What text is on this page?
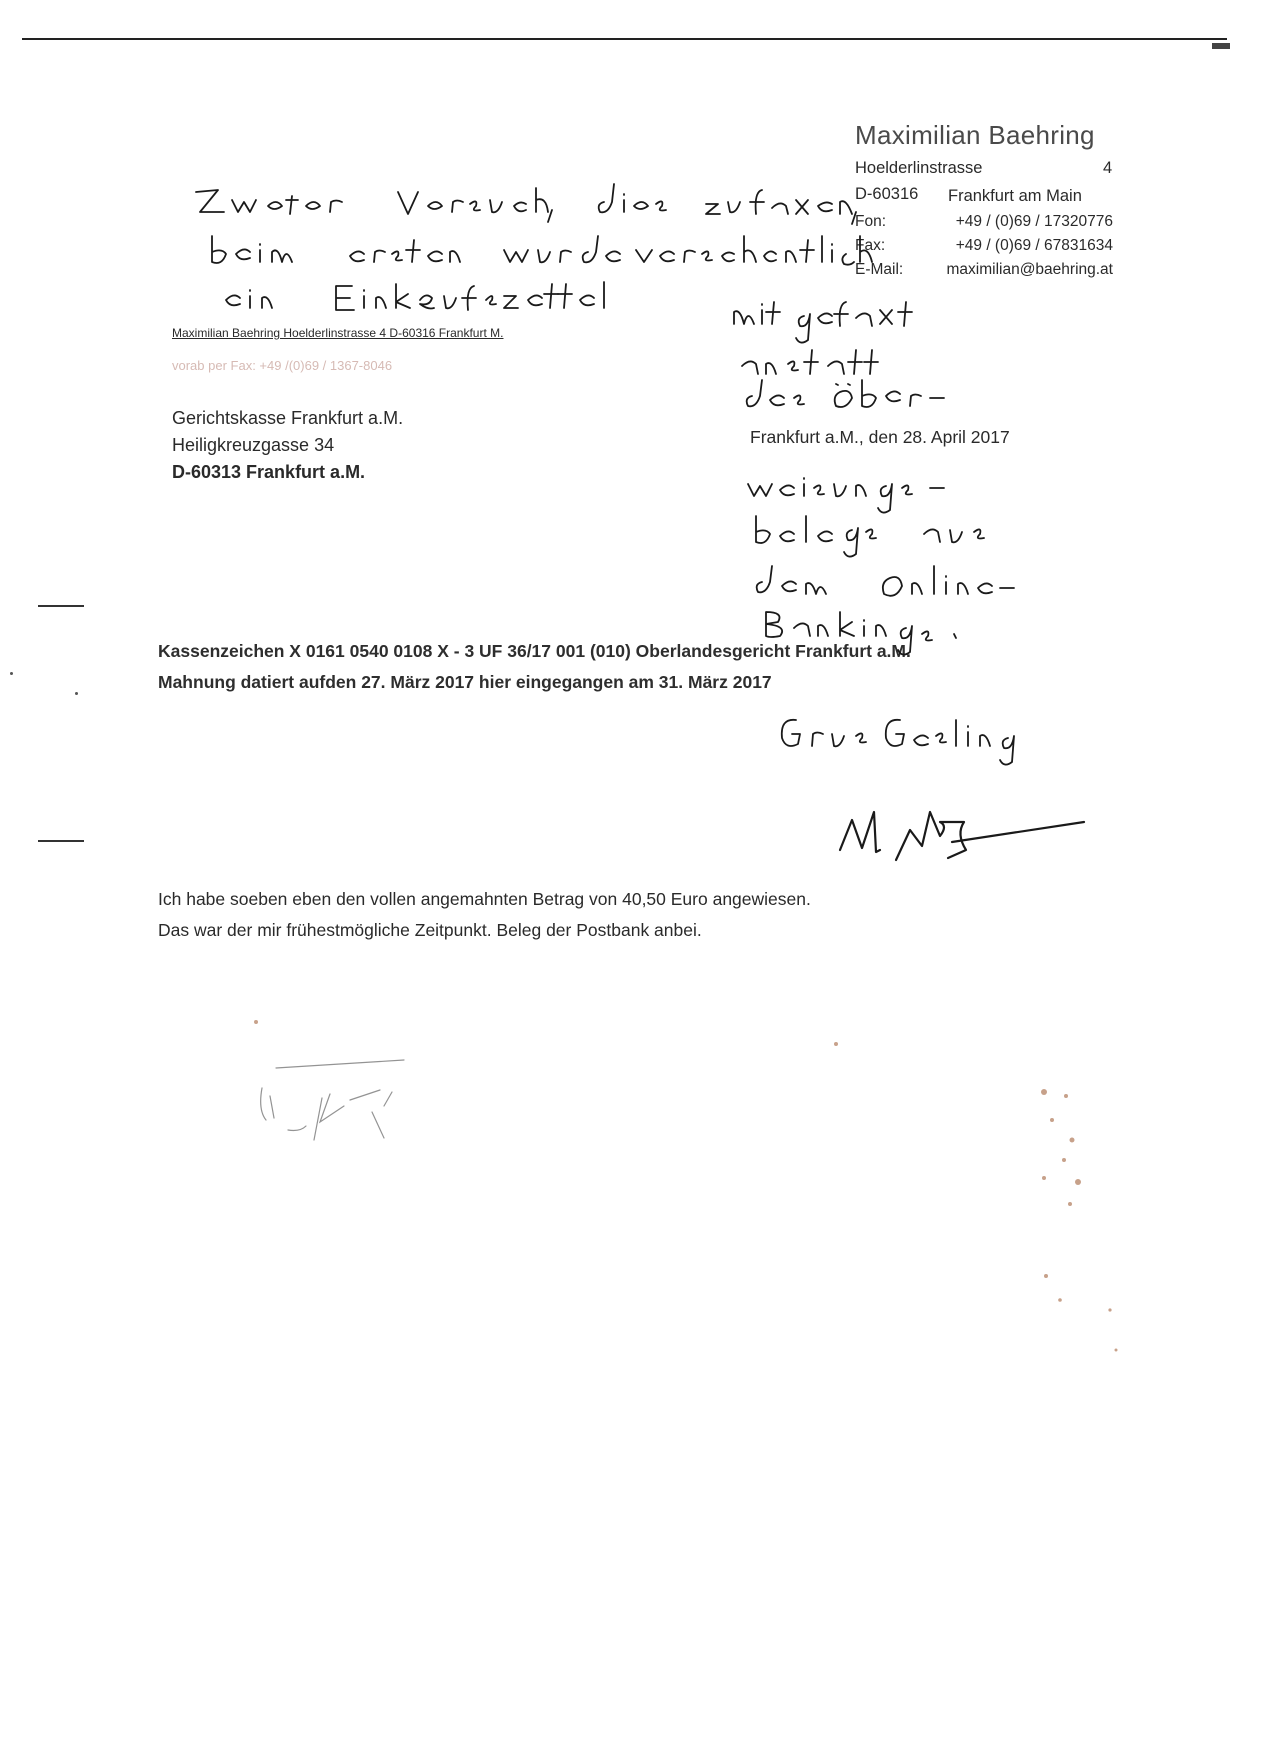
Maximilian Baehring
Hoelderlinstrasse	4
D-60316 Frankfurt am Main
Fon:	+49 / (0)69 / 17320776
Fax:	+49 / (0)69 / 67831634
E-Mail:	maximilian@baehring.at
Maximilian Baehring Hoelderlinstrasse 4 D-60316 Frankfurt M.
vorab per Fax: +49 /(0)69 / 1367-8046
Gerichtskasse Frankfurt a.M.
Heiligkreuzgasse 34
D-60313 Frankfurt a.M.
Frankfurt a.M., den 28. April 2017
Kassenzeichen X 0161 0540 0108 X - 3 UF 36/17 001 (010) Oberlandesgericht Frankfurt a.M.
Mahnung datiert aufden 27. März 2017 hier eingegangen am 31. März 2017
Ich habe soeben eben den vollen angemahnten Betrag von 40,50 Euro angewiesen.
Das war der mir frühestmögliche Zeitpunkt. Beleg der Postbank anbei.
